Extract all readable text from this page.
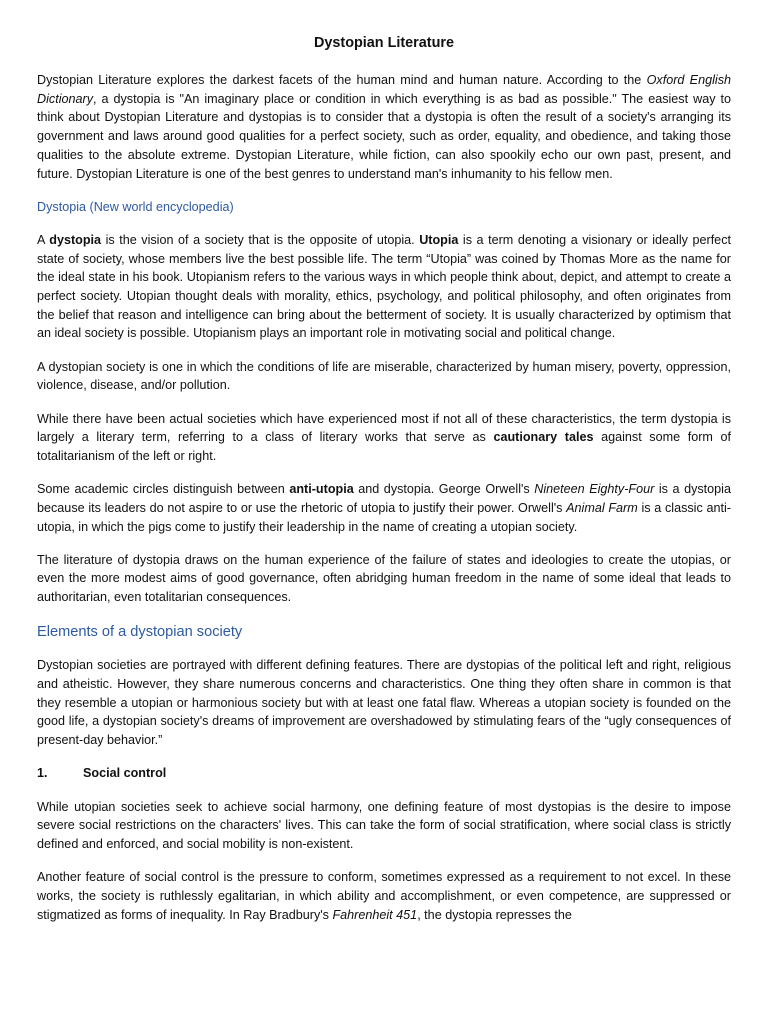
Dystopian Literature

Dystopian Literature explores the darkest facets of the human mind and human nature. According to the Oxford English Dictionary, a dystopia is "An imaginary place or condition in which everything is as bad as possible." The easiest way to think about Dystopian Literature and dystopias is to consider that a dystopia is often the result of a society's arranging its government and laws around good qualities for a perfect society, such as order, equality, and obedience, and taking those qualities to the absolute extreme. Dystopian Literature, while fiction, can also spookily echo our own past, present, and future. Dystopian Literature is one of the best genres to understand man's inhumanity to his fellow men.

Dystopia (New world encyclopedia)

A dystopia is the vision of a society that is the opposite of utopia. Utopia is a term denoting a visionary or ideally perfect state of society, whose members live the best possible life. The term “Utopia” was coined by Thomas More as the name for the ideal state in his book. Utopianism refers to the various ways in which people think about, depict, and attempt to create a perfect society. Utopian thought deals with morality, ethics, psychology, and political philosophy, and often originates from the belief that reason and intelligence can bring about the betterment of society. It is usually characterized by optimism that an ideal society is possible. Utopianism plays an important role in motivating social and political change.

A dystopian society is one in which the conditions of life are miserable, characterized by human misery, poverty, oppression, violence, disease, and/or pollution.

While there have been actual societies which have experienced most if not all of these characteristics, the term dystopia is largely a literary term, referring to a class of literary works that serve as cautionary tales against some form of totalitarianism of the left or right.

Some academic circles distinguish between anti-utopia and dystopia. George Orwell's Nineteen Eighty-Four is a dystopia because its leaders do not aspire to or use the rhetoric of utopia to justify their power. Orwell's Animal Farm is a classic anti-utopia, in which the pigs come to justify their leadership in the name of creating a utopian society.

The literature of dystopia draws on the human experience of the failure of states and ideologies to create the utopias, or even the more modest aims of good governance, often abridging human freedom in the name of some ideal that leads to authoritarian, even totalitarian consequences.

Elements of a dystopian society

Dystopian societies are portrayed with different defining features. There are dystopias of the political left and right, religious and atheistic. However, they share numerous concerns and characteristics. One thing they often share in common is that they resemble a utopian or harmonious society but with at least one fatal flaw. Whereas a utopian society is founded on the good life, a dystopian society's dreams of improvement are overshadowed by stimulating fears of the “ugly consequences of present-day behavior.”

1.	Social control

While utopian societies seek to achieve social harmony, one defining feature of most dystopias is the desire to impose severe social restrictions on the characters' lives. This can take the form of social stratification, where social class is strictly defined and enforced, and social mobility is non-existent.

Another feature of social control is the pressure to conform, sometimes expressed as a requirement to not excel. In these works, the society is ruthlessly egalitarian, in which ability and accomplishment, or even competence, are suppressed or stigmatized as forms of inequality. In Ray Bradbury's Fahrenheit 451, the dystopia represses the
